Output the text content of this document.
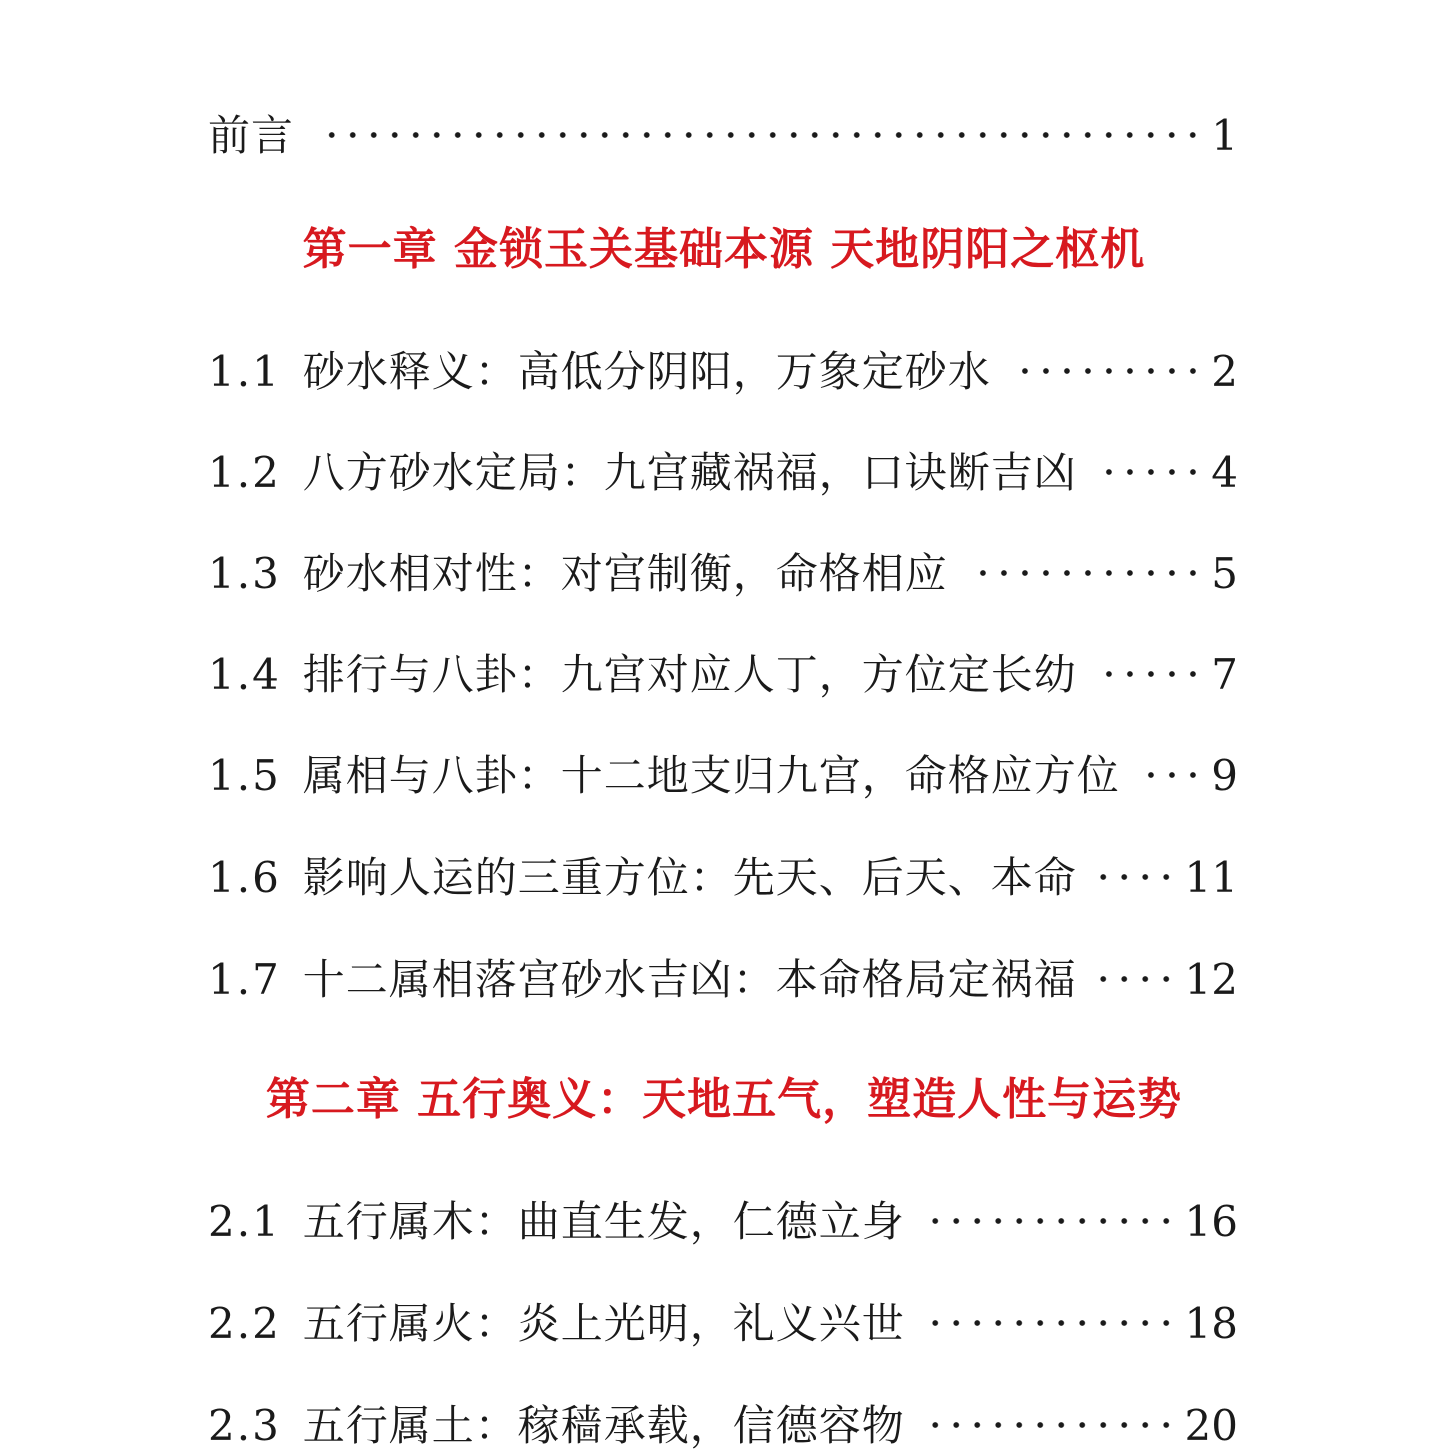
前言	1
第一章 金锁玉关基础本源 天地阴阳之枢机
1.1 砂水释义：高低分阴阳，万象定砂水	2
1.2 八方砂水定局：九宫藏祸福，口诀断吉凶	4
1.3 砂水相对性：对宫制衡，命格相应	5
1.4 排行与八卦：九宫对应人丁，方位定长幼	7
1.5 属相与八卦：十二地支归九宫，命格应方位 9
1.6 影响人运的三重方位：先天、后天、本命	11
1.7 十二属相落宫砂水吉凶：本命格局定祸福	12
第二章 五行奥义：天地五气，塑造人性与运势
2.1 五行属木：曲直生发，仁德立身	16
2.2 五行属火：炎上光明，礼义兴世	18
2.3 五行属土：稼穑承载，信德容物	20
